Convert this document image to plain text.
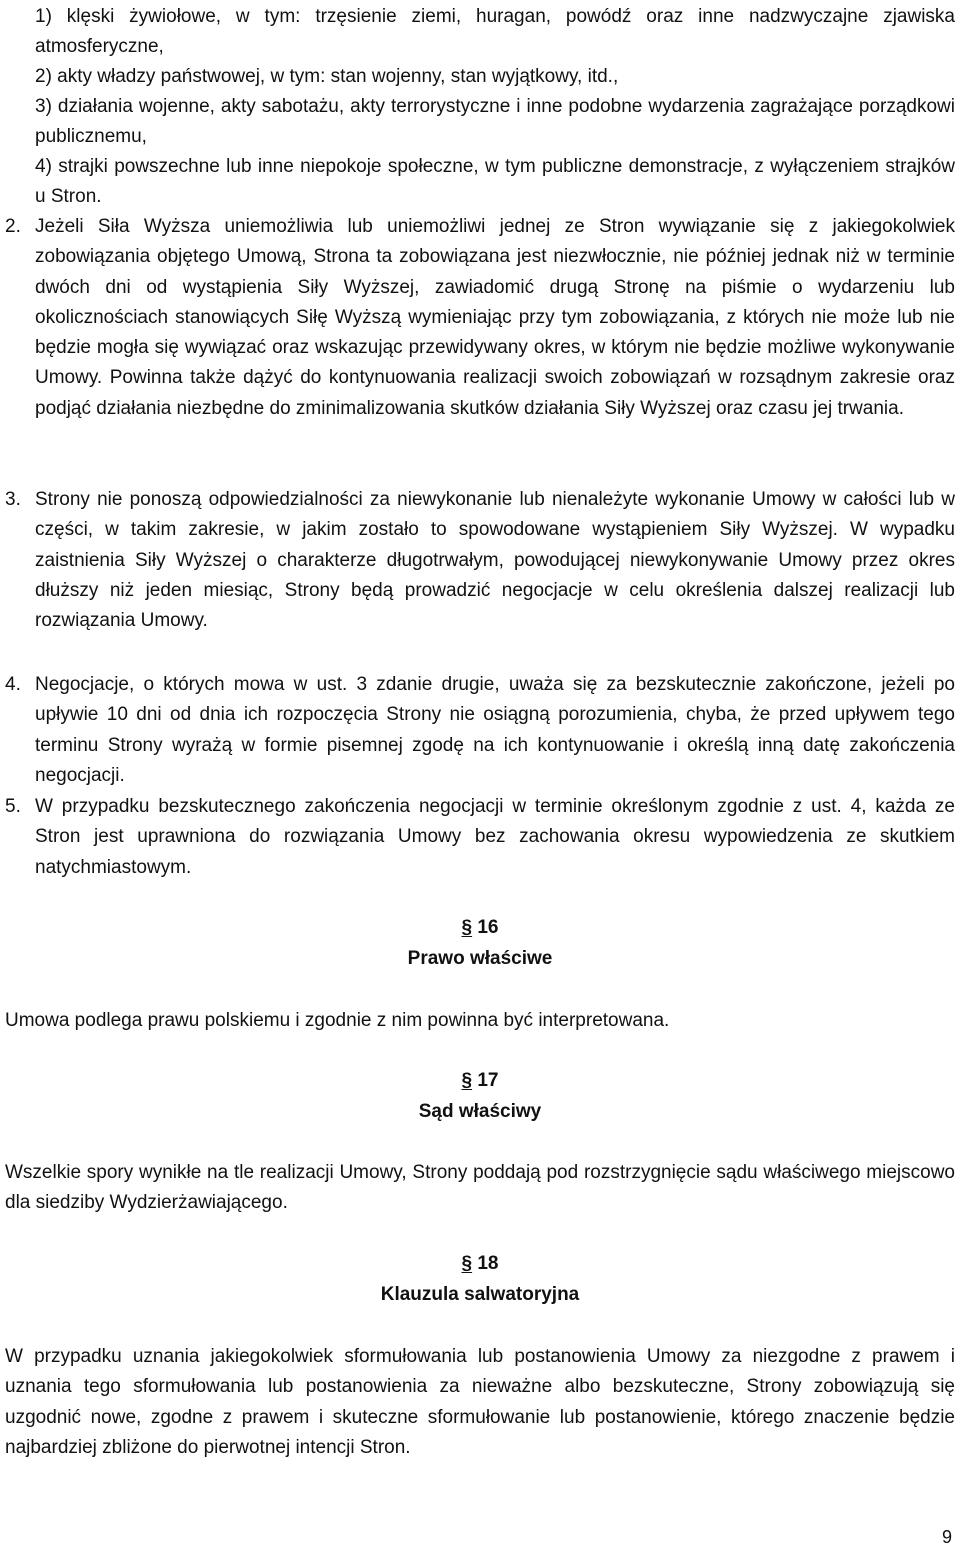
1) klęski żywiołowe, w tym: trzęsienie ziemi, huragan, powódź oraz inne nadzwyczajne zjawiska atmosferyczne,
2) akty władzy państwowej, w tym: stan wojenny, stan wyjątkowy, itd.,
3) działania wojenne, akty sabotażu, akty terrorystyczne i inne podobne wydarzenia zagrażające porządkowi publicznemu,
4) strajki powszechne lub inne niepokoje społeczne, w tym publiczne demonstracje, z wyłączeniem strajków u Stron.
2. Jeżeli Siła Wyższa uniemożliwia lub uniemożliwi jednej ze Stron wywiązanie się z jakiegokolwiek zobowiązania objętego Umową, Strona ta zobowiązana jest niezwłocznie, nie później jednak niż w terminie dwóch dni od wystąpienia Siły Wyższej, zawiadomić drugą Stronę na piśmie o wydarzeniu lub okolicznościach stanowiących Siłę Wyższą wymieniając przy tym zobowiązania, z których nie może lub nie będzie mogła się wywiązać oraz wskazując przewidywany okres, w którym nie będzie możliwe wykonywanie Umowy. Powinna także dążyć do kontynuowania realizacji swoich zobowiązań w rozsądnym zakresie oraz podjąć działania niezbędne do zminimalizowania skutków działania Siły Wyższej oraz czasu jej trwania.
3. Strony nie ponoszą odpowiedzialności za niewykonanie lub nienależyte wykonanie Umowy w całości lub w części, w takim zakresie, w jakim zostało to spowodowane wystąpieniem Siły Wyższej. W wypadku zaistnienia Siły Wyższej o charakterze długotrwałym, powodującej niewykonywanie Umowy przez okres dłuższy niż jeden miesiąc, Strony będą prowadzić negocjacje w celu określenia dalszej realizacji lub rozwiązania Umowy.
4. Negocjacje, o których mowa w ust. 3 zdanie drugie, uważa się za bezskutecznie zakończone, jeżeli po upływie 10 dni od dnia ich rozpoczęcia Strony nie osiągną porozumienia, chyba, że przed upływem tego terminu Strony wyrażą w formie pisemnej zgodę na ich kontynuowanie i określą inną datę zakończenia negocjacji.
5. W przypadku bezskutecznego zakończenia negocjacji w terminie określonym zgodnie z ust. 4, każda ze Stron jest uprawniona do rozwiązania Umowy bez zachowania okresu wypowiedzenia ze skutkiem natychmiastowym.
§ 16
Prawo właściwe
Umowa podlega prawu polskiemu i zgodnie z nim powinna być interpretowana.
§ 17
Sąd właściwy
Wszelkie spory wynikłe na tle realizacji Umowy, Strony poddają pod rozstrzygnięcie sądu właściwego miejscowo dla siedziby Wydzierżawiającego.
§ 18
Klauzula salwatoryjna
W przypadku uznania jakiegokolwiek sformułowania lub postanowienia Umowy za niezgodne z prawem i uznania tego sformułowania lub postanowienia za nieważne albo bezskuteczne, Strony zobowiązują się uzgodnić nowe, zgodne z prawem i skuteczne sformułowanie lub postanowienie, którego znaczenie będzie najbardziej zbliżone do pierwotnej intencji Stron.
9
